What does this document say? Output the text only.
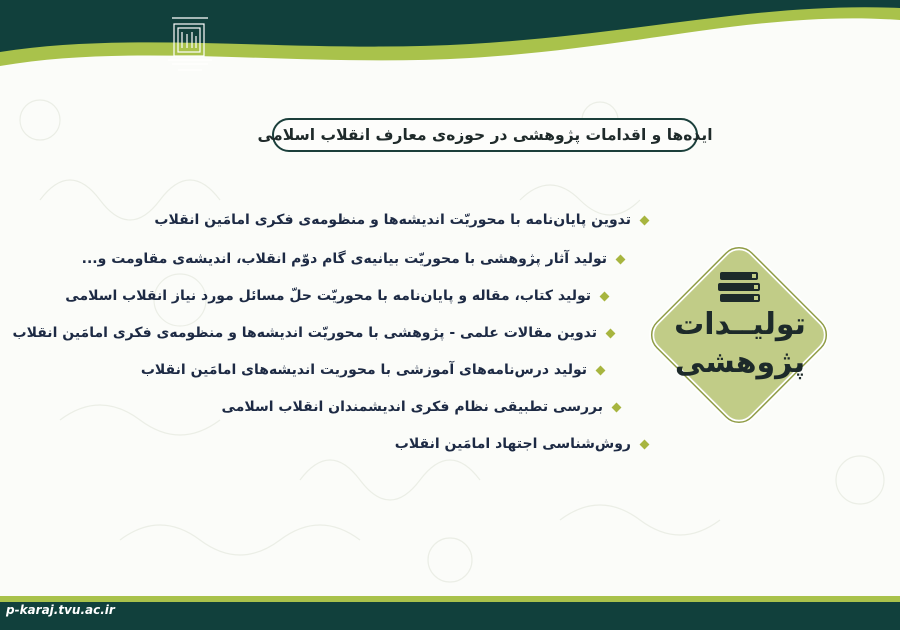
ایده‌ها و اقدامات پژوهشی در حوزه‌ی معارف انقلاب اسلامی
تدوین پایان‌نامه با محوریّت اندیشه‌ها و منظومه‌ی فکری امامَین انقلاب
تولید آثار پژوهشی با محوریّت بیانیه‌ی گام دوّم انقلاب، اندیشه‌ی مقاومت و...
تولید کتاب، مقاله و پایان‌نامه با محوریّت حلّ مسائل مورد نیاز انقلاب اسلامی
تدوین مقالات علمی - پژوهشی با محوریّت اندیشه‌ها و منظومه‌ی فکری امامَین انقلاب
تولید درس‌نامه‌های آموزشی با محوریت اندیشه‌های امامَین انقلاب
بررسی تطبیقی نظام فکری اندیشمندان انقلاب اسلامی
روش‌شناسی اجتهاد امامَین انقلاب
تولیــدات
پژوهشی
p-karaj.tvu.ac.ir
